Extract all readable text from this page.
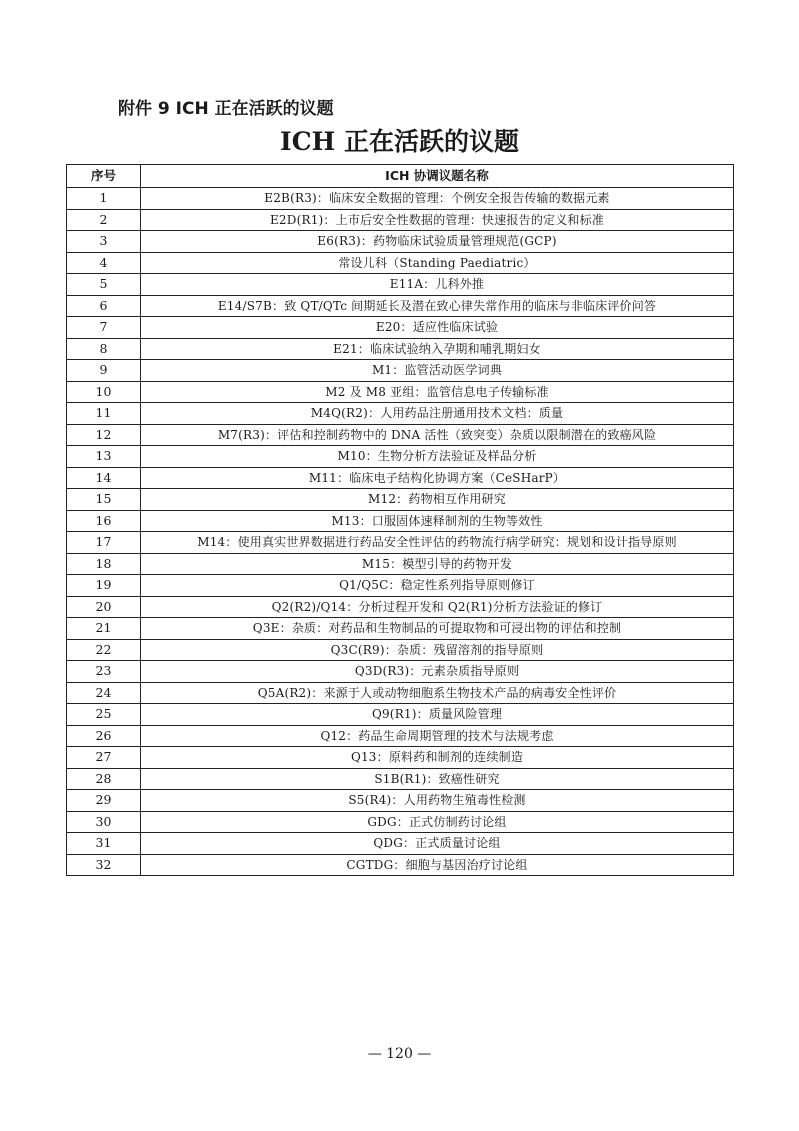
附件 9 ICH 正在活跃的议题
ICH 正在活跃的议题
序号	ICH 协调议题名称
1	E2B(R3)：临床安全数据的管理：个例安全报告传输的数据元素
2	E2D(R1)：上市后安全性数据的管理：快速报告的定义和标准
3	E6(R3)：药物临床试验质量管理规范(GCP)
4	常设儿科（Standing Paediatric）
5	E11A：儿科外推
6	E14/S7B：致 QT/QTc 间期延长及潜在致心律失常作用的临床与非临床评价问答
7	E20：适应性临床试验
8	E21：临床试验纳入孕期和哺乳期妇女
9	M1：监管活动医学词典
10	M2 及 M8 亚组：监管信息电子传输标准
11	M4Q(R2)：人用药品注册通用技术文档：质量
12	M7(R3)：评估和控制药物中的 DNA 活性（致突变）杂质以限制潜在的致癌风险
13	M10：生物分析方法验证及样品分析
14	M11：临床电子结构化协调方案（CeSHarP）
15	M12：药物相互作用研究
16	M13：口服固体速释制剂的生物等效性
17	M14：使用真实世界数据进行药品安全性评估的药物流行病学研究：规划和设计指导原则
18	M15：模型引导的药物开发
19	Q1/Q5C：稳定性系列指导原则修订
20	Q2(R2)/Q14：分析过程开发和 Q2(R1)分析方法验证的修订
21	Q3E：杂质：对药品和生物制品的可提取物和可浸出物的评估和控制
22	Q3C(R9)：杂质：残留溶剂的指导原则
23	Q3D(R3)：元素杂质指导原则
24	Q5A(R2)：来源于人或动物细胞系生物技术产品的病毒安全性评价
25	Q9(R1)：质量风险管理
26	Q12：药品生命周期管理的技术与法规考虑
27	Q13：原料药和制剂的连续制造
28	S1B(R1)：致癌性研究
29	S5(R4)：人用药物生殖毒性检测
30	GDG：正式仿制药讨论组
31	QDG：正式质量讨论组
32	CGTDG：细胞与基因治疗讨论组
— 120 —
